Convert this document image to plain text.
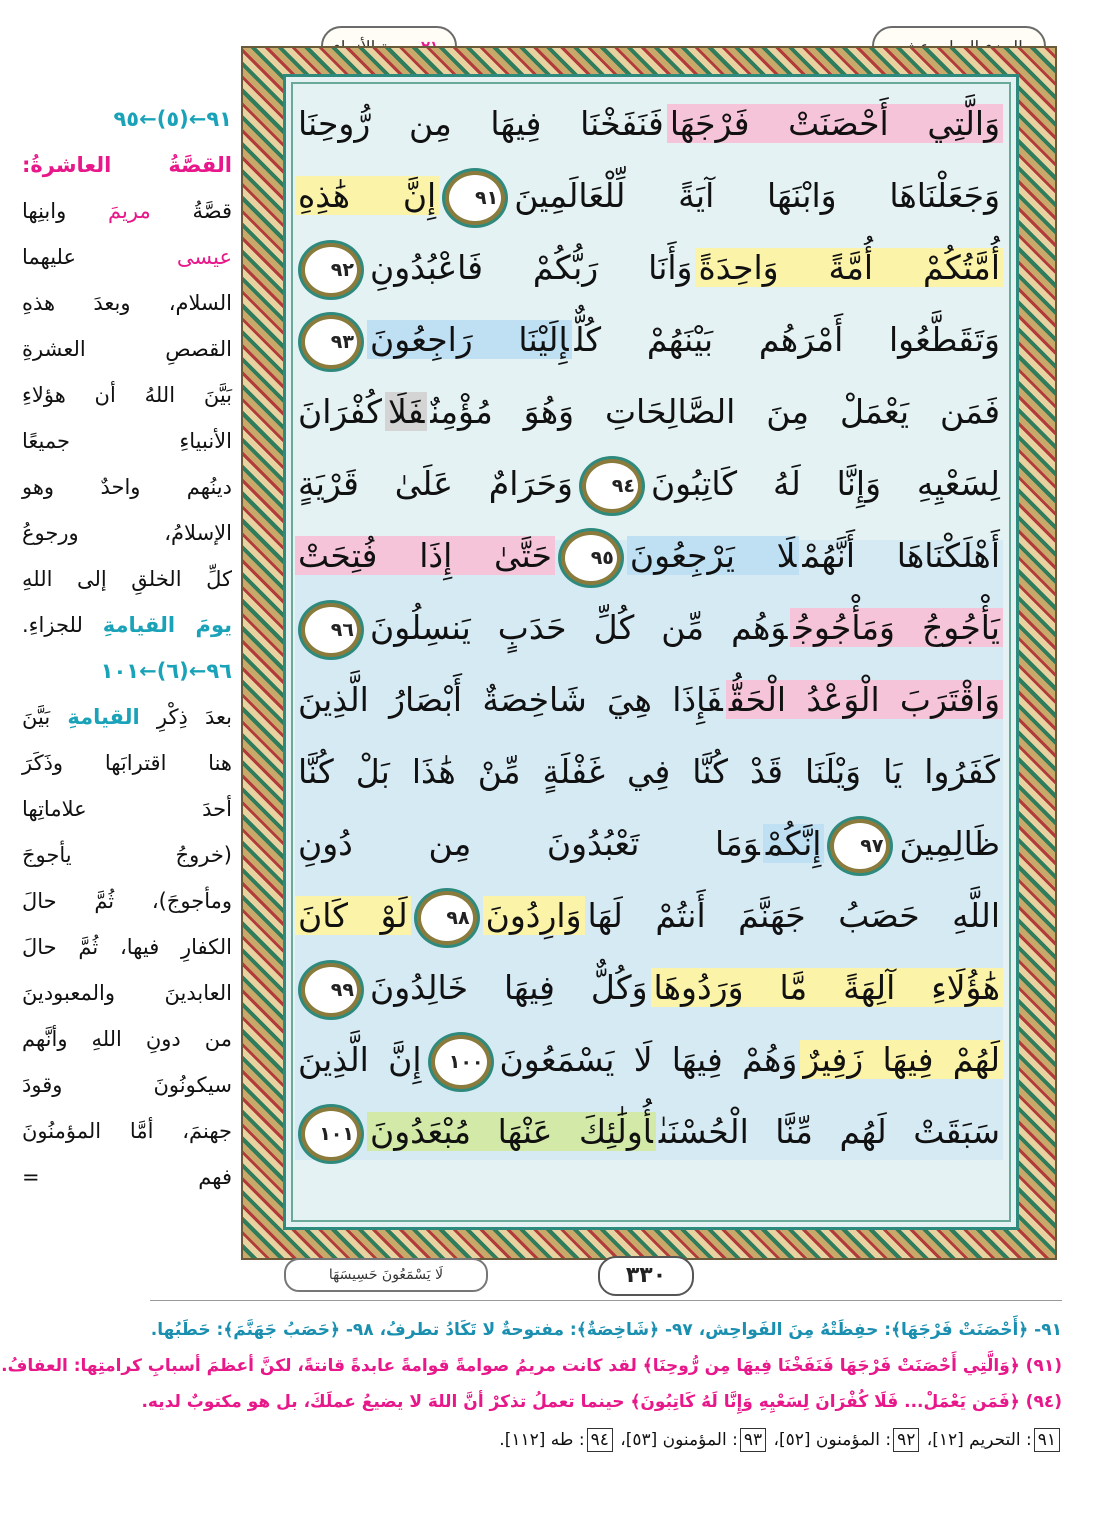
وَالَّتِي أَحْصَنَتْ فَرْجَهَافَنَفَخْنَا فِيهَا مِن رُّوحِنَا
وَجَعَلْنَاهَا وَابْنَهَا آيَةً لِّلْعَالَمِينَ٩١إِنَّ هَٰذِهِ
أُمَّتُكُمْ أُمَّةً وَاحِدَةًوَأَنَا رَبُّكُمْ فَاعْبُدُونِ٩٢
وَتَقَطَّعُوا أَمْرَهُم بَيْنَهُمْ كُلٌّإِلَيْنَا رَاجِعُونَ٩٣
فَمَن يَعْمَلْ مِنَ الصَّالِحَاتِ وَهُوَ مُؤْمِنٌفَلَاكُفْرَانَ
لِسَعْيِهِ وَإِنَّا لَهُ كَاتِبُونَ٩٤وَحَرَامٌ عَلَىٰ قَرْيَةٍ
أَهْلَكْنَاهَا أَنَّهُمْلَا يَرْجِعُونَ٩٥حَتَّىٰ إِذَا فُتِحَتْ
يَأْجُوجُ وَمَأْجُوجُوَهُم مِّن كُلِّ حَدَبٍ يَنسِلُونَ٩٦
وَاقْتَرَبَ الْوَعْدُ الْحَقُّفَإِذَا هِيَ شَاخِصَةٌ أَبْصَارُ الَّذِينَ
كَفَرُوا يَا وَيْلَنَا قَدْ كُنَّا فِي غَفْلَةٍ مِّنْ هَٰذَا بَلْ كُنَّا
ظَالِمِينَ٩٧إِنَّكُمْوَمَا تَعْبُدُونَ مِن دُونِ
اللَّهِ حَصَبُ جَهَنَّمَ أَنتُمْ لَهَاوَارِدُونَ٩٨لَوْ كَانَ
هَٰؤُلَاءِ آلِهَةً مَّا وَرَدُوهَاوَكُلٌّ فِيهَا خَالِدُونَ٩٩
لَهُمْ فِيهَا زَفِيرٌوَهُمْ فِيهَا لَا يَسْمَعُونَ١٠٠إِنَّ الَّذِينَ
سَبَقَتْ لَهُم مِّنَّا الْحُسْنَىٰأُولَٰئِكَ عَنْهَا مُبْعَدُونَ١٠١
٩١←(٥)←٩٥
القصَّةُ العاشرةُ:
قصَّةُ مريمَ وابنِها
عيسى عليهما
السلام، وبعدَ هذهِ
القصصِ العشرةِ
بَيَّنَ اللهُ أن هؤلاءِ
الأنبياءِ جميعًا
دينُهم واحدٌ وهو
الإسلامُ، ورجوعُ
كلِّ الخلقِ إلى اللهِ
يومَ القيامةِ للجزاءِ.
٩٦←(٦)←١٠١
بعدَ ذِكْرِ القيامةِ بَيَّنَ
هنا اقترابَها وذَكَرَ
أحدَ علاماتِها
(خروجُ يأجوجَ
ومأجوجَ)، ثُمَّ حالَ
الكفارِ فيها، ثُمَّ حالَ
العابدينَ والمعبودينَ
من دونِ اللهِ وأنَّهم
سيكونُونَ وقودَ
جهنمَ، أمَّا المؤمنُونَ
فهم =
٣٣٠
لَا يَسْمَعُونَ حَسِيسَهَا
٩١- ﴿أَحْصَنَتْ فَرْجَهَا﴾: حفِظَتْهُ مِنَ الفَواحِش، ٩٧- ﴿شَاخِصَةٌ﴾: مفتوحةٌ لا تَكَادُ تطرفُ، ٩٨- ﴿حَصَبُ جَهَنَّمَ﴾: حَطَبُها.
(٩١) ﴿وَالَّتِي أَحْصَنَتْ فَرْجَهَا فَنَفَخْنَا فِيهَا مِن رُّوحِنَا﴾ لقد كانت مريمُ صوامةً قوامةً عابدةً قانتةً، لكنَّ أعظمَ أسبابِ كرامتِها: العفافُ.
(٩٤) ﴿فَمَن يَعْمَلْ... فَلَا كُفْرَانَ لِسَعْيِهِ وَإِنَّا لَهُ كَاتِبُونَ﴾ حينما تعملُ تذكرْ أنَّ اللهَ لا يضيعُ عملَكَ، بل هو مكتوبٌ لديه.
٩١: التحريم [١٢]، ٩٢: المؤمنون [٥٢]، ٩٣: المؤمنون [٥٣]، ٩٤: طه [١١٢].
